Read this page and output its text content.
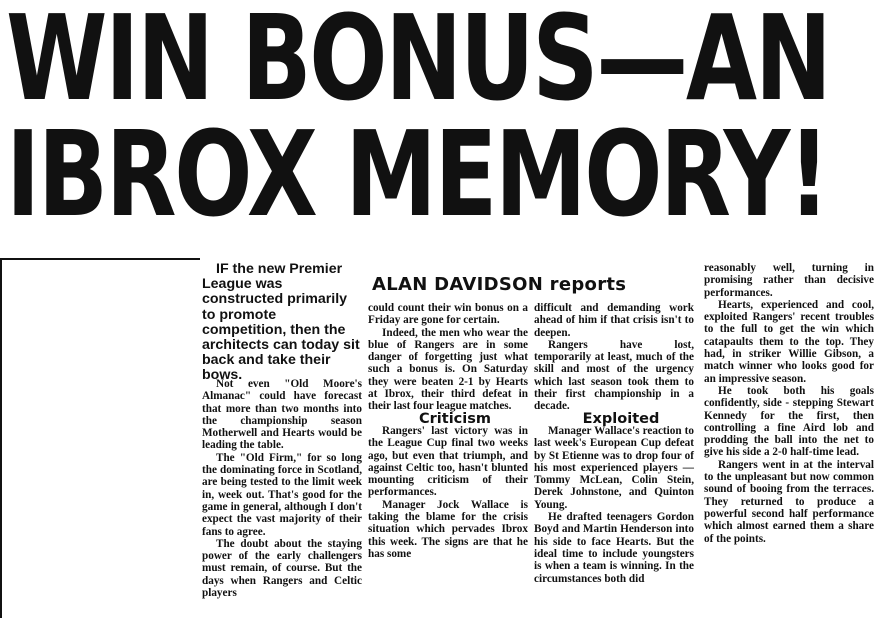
WIN BONUS—AN
IBROX MEMORY!
IF the new Premier League was constructed primarily to promote competition, then the architects can today sit back and take their bows.
ALAN DAVIDSON reports

Not even "Old Moore's Almanac" could have forecast that more than two months into the championship season Motherwell and Hearts would be leading the table.

The "Old Firm," for so long the dominating force in Scotland, are being tested to the limit week in, week out. That's good for the game in general, although I don't expect the vast majority of their fans to agree.

The doubt about the staying power of the early challengers must remain, of course. But the days when Rangers and Celtic players

could count their win bonus on a Friday are gone for certain.

Indeed, the men who wear the blue of Rangers are in some danger of forgetting just what such a bonus is. On Saturday they were beaten 2-1 by Hearts at Ibrox, their third defeat in their last four league matches.

Criticism

Rangers' last victory was in the League Cup final two weeks ago, but even that triumph, and against Celtic too, hasn't blunted mounting criticism of their performances.

Manager Jock Wallace is taking the blame for the crisis situation which pervades Ibrox this week. The signs are that he has some

difficult and demanding work ahead of him if that crisis isn't to deepen.

Rangers have lost, temporarily at least, much of the skill and most of the urgency which last season took them to their first championship in a decade.

Exploited

Manager Wallace's reaction to last week's European Cup defeat by St Etienne was to drop four of his most experienced players —Tommy McLean, Colin Stein, Derek Johnstone, and Quinton Young.

He drafted teenagers Gordon Boyd and Martin Henderson into his side to face Hearts. But the ideal time to include youngsters is when a team is winning. In the circumstances both did

reasonably well, turning in promising rather than decisive performances.

Hearts, experienced and cool, exploited Rangers' recent troubles to the full to get the win which catapaults them to the top. They had, in striker Willie Gibson, a match winner who looks good for an impressive season.

He took both his goals confidently, side - stepping Stewart Kennedy for the first, then controlling a fine Aird lob and prodding the ball into the net to give his side a 2-0 half-time lead.

Rangers went in at the interval to the unpleasant but now common sound of booing from the terraces. They returned to produce a powerful second half performance which almost earned them a share of the points.
